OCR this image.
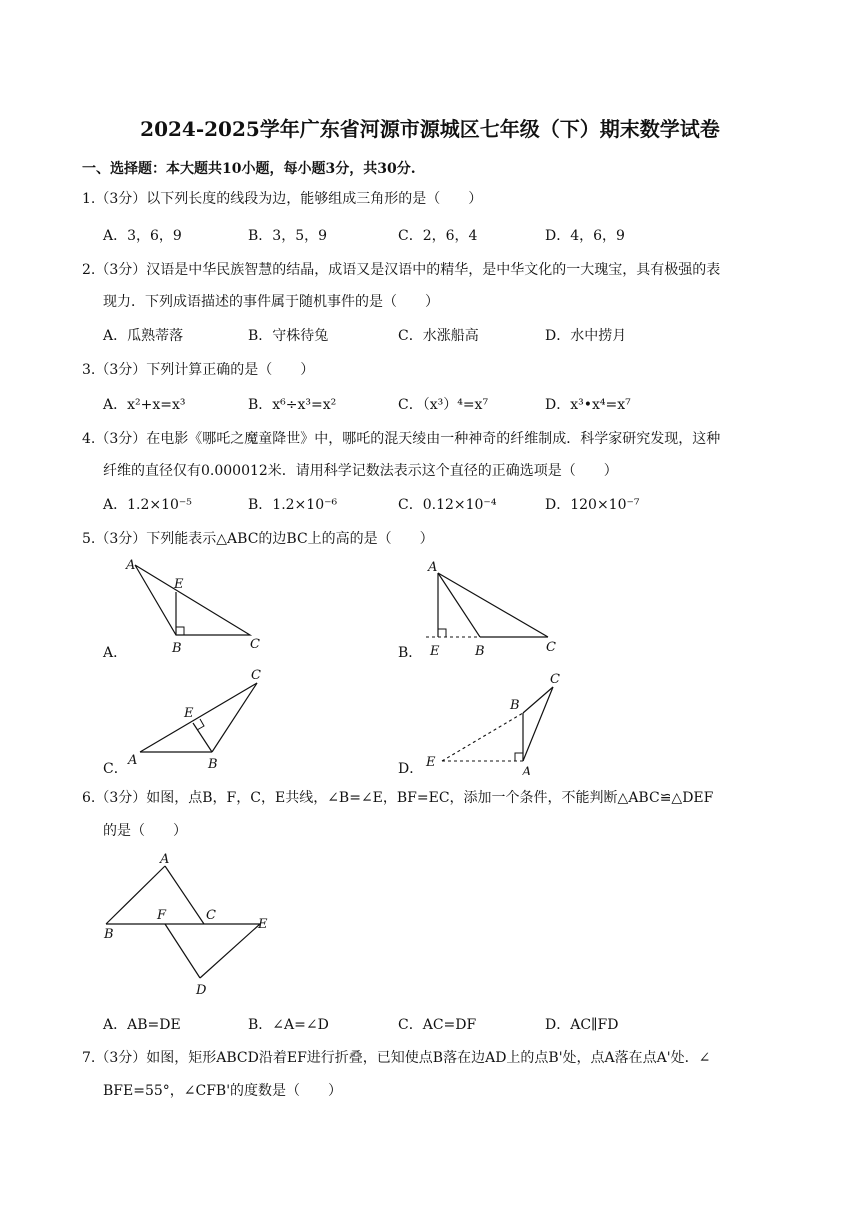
2024-2025学年广东省河源市源城区七年级（下）期末数学试卷
一、选择题：本大题共10小题，每小题3分，共30分.
1.（3分）以下列长度的线段为边，能够组成三角形的是（　　）
A．3，6，9	B．3，5，9	C．2，6，4	D．4，6，9
2.（3分）汉语是中华民族智慧的结晶，成语又是汉语中的精华，是中华文化的一大瑰宝，具有极强的表
现力．下列成语描述的事件属于随机事件的是（　　）
A．瓜熟蒂落	B．守株待兔	C．水涨船高	D．水中捞月
3.（3分）下列计算正确的是（　　）
A．x²+x=x³	B．x⁶÷x³=x²	C．（x³）⁴=x⁷	D．x³•x⁴=x⁷
4.（3分）在电影《哪吒之魔童降世》中，哪吒的混天绫由一种神奇的纤维制成．科学家研究发现，这种
纤维的直径仅有0.000012米．请用科学记数法表示这个直径的正确选项是（　　）
A．1.2×10⁻⁵	B．1.2×10⁻⁶	C．0.12×10⁻⁴	D．120×10⁻⁷
5.（3分）下列能表示△ABC的边BC上的高的是（　　）
A．
A
E
B	C
B．
A
E	B	C
C．
C
E
A	B	D．
C
B
E
A
6.（3分）如图，点B，F，C，E共线，∠B=∠E，BF=EC，添加一个条件，不能判断△ABC≌△DEF
的是（　　）
A
F	C
E
B
D
A．AB=DE	B．∠A=∠D	C．AC=DF	D．AC∥FD
7.（3分）如图，矩形ABCD沿着EF进行折叠，已知使点B落在边AD上的点B'处，点A落在点A'处．∠
BFE=55°，∠CFB'的度数是（　　）
